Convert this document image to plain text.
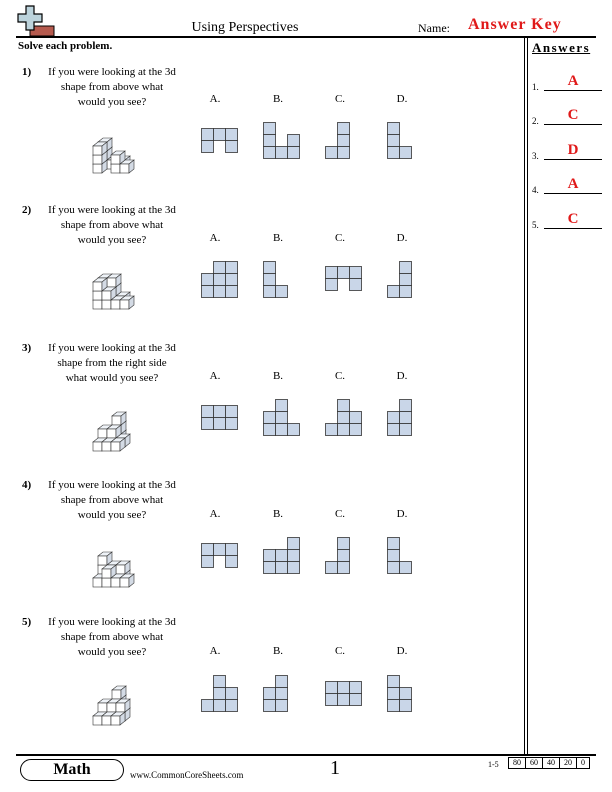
Using Perspectives	Name: Answer Key
Solve each problem.	Answers
1.	A
2.	C
3.	D
4.	A
5.	C
1)	If you were looking at the 3d
shape from above what
would you see?	A.	B.	C.	D.
2)	If you were looking at the 3d
shape from above what
would you see?	A.	B.	C.	D.
3)	If you were looking at the 3d
shape from the right side
what would you see?	A.	B.	C.	D.
4)	If you were looking at the 3d
shape from above what
would you see?	A.	B.	C.	D.
5)	If you were looking at the 3d
shape from above what
would you see?	A.	B.	C.	D.
Math	www.CommonCoreSheets.com	1	1-5	80	60	40	20	0
